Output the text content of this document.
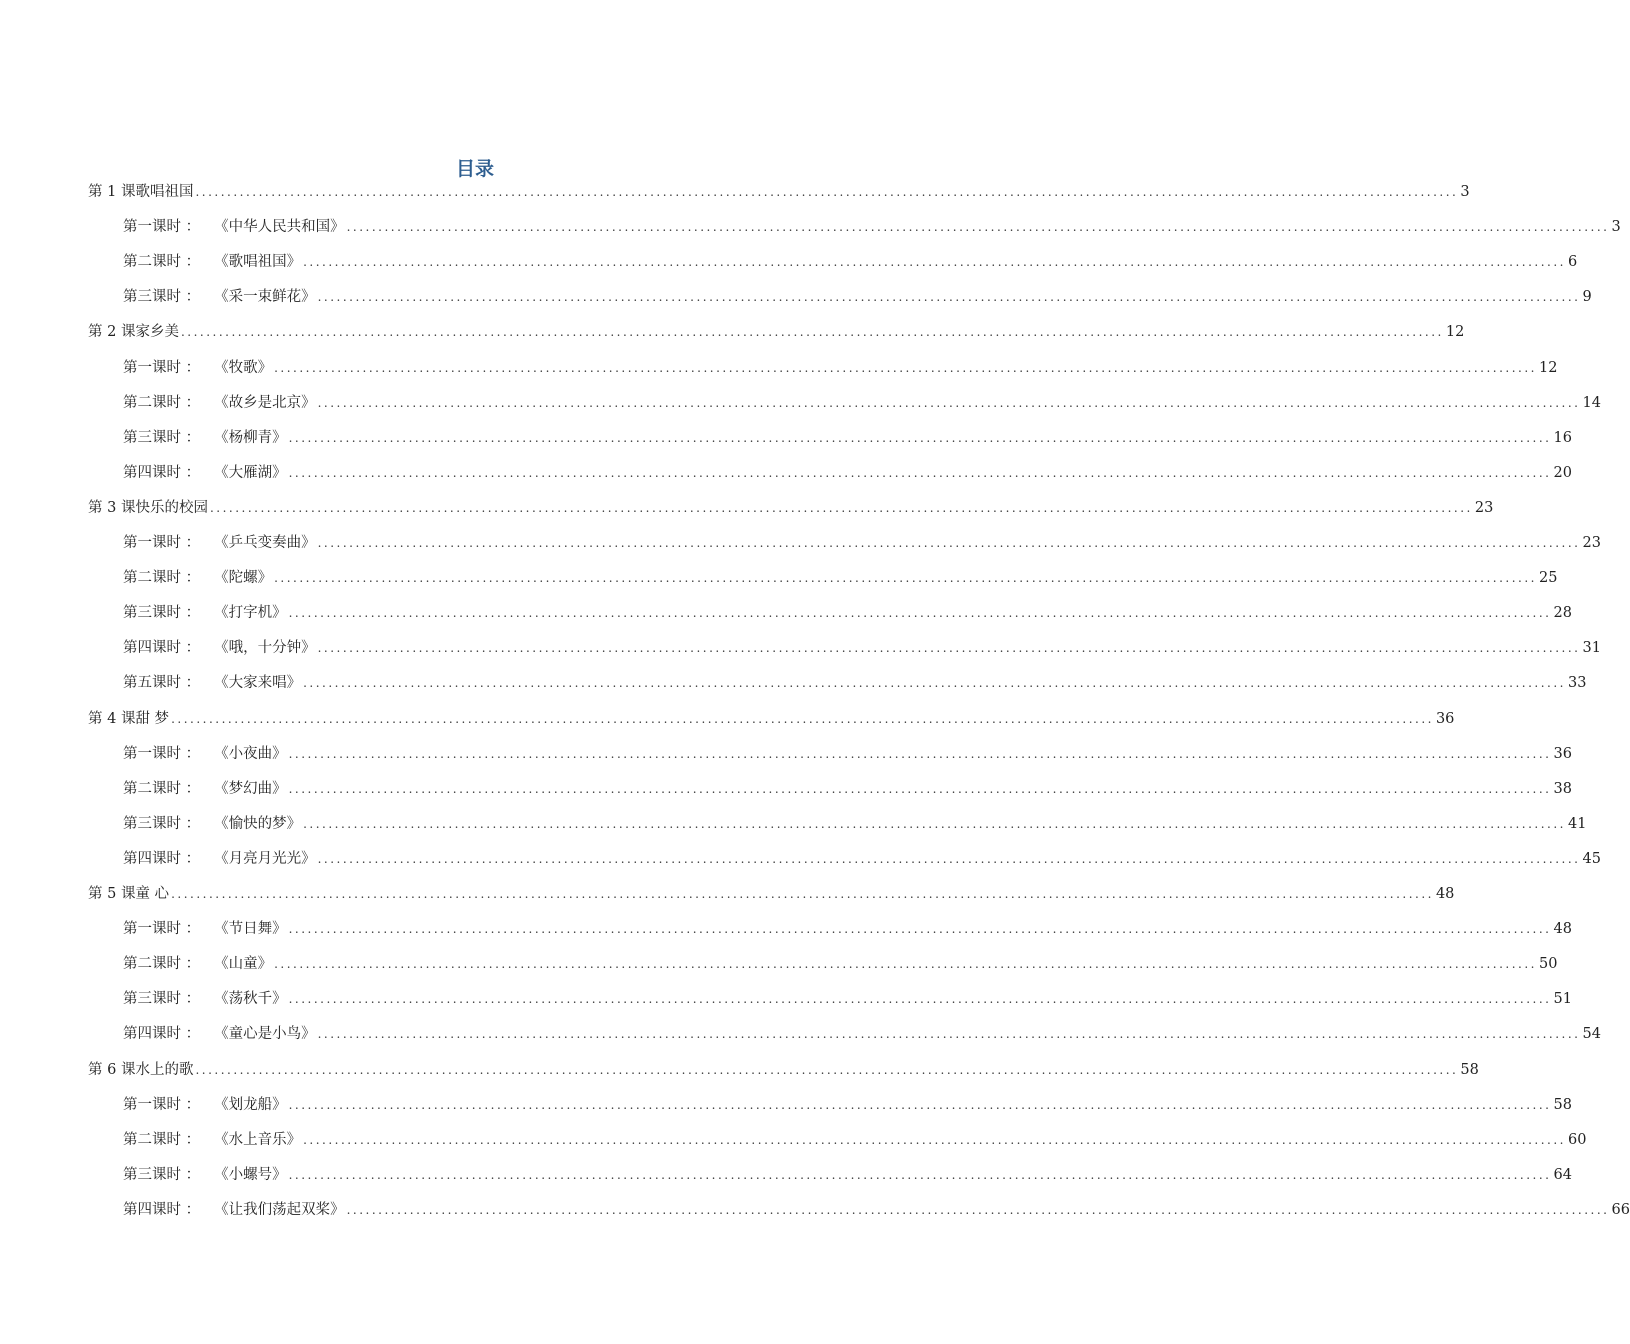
目录
第 1 课 歌唱祖国 ........................................................................................................................................................................................................ 3
第一课时 ： 《中华人民共和国》 ........................................................................................................................................................................................................ 3
第二课时 ： 《歌唱祖国》 ........................................................................................................................................................................................................ 6
第三课时 ： 《采一束鲜花》 ........................................................................................................................................................................................................ 9
第 2 课 家乡美 ........................................................................................................................................................................................................ 12
第一课时 ： 《牧歌》 ........................................................................................................................................................................................................ 12
第二课时 ： 《故乡是北京》 ........................................................................................................................................................................................................ 14
第三课时 ： 《杨柳青》 ........................................................................................................................................................................................................ 16
第四课时 ： 《大雁湖》 ........................................................................................................................................................................................................ 20
第 3 课 快乐的校园 ........................................................................................................................................................................................................ 23
第一课时 ： 《乒乓变奏曲》 ........................................................................................................................................................................................................ 23
第二课时 ： 《陀螺》 ........................................................................................................................................................................................................ 25
第三课时 ： 《打字机》 ........................................................................................................................................................................................................ 28
第四课时 ： 《哦，十分钟》 ........................................................................................................................................................................................................ 31
第五课时 ： 《大家来唱》 ........................................................................................................................................................................................................ 33
第 4 课 甜 梦 ........................................................................................................................................................................................................ 36
第一课时 ： 《小夜曲》 ........................................................................................................................................................................................................ 36
第二课时 ： 《梦幻曲》 ........................................................................................................................................................................................................ 38
第三课时 ： 《愉快的梦》 ........................................................................................................................................................................................................ 41
第四课时 ： 《月亮月光光》 ........................................................................................................................................................................................................ 45
第 5 课 童 心 ........................................................................................................................................................................................................ 48
第一课时 ： 《节日舞》 ........................................................................................................................................................................................................ 48
第二课时 ： 《山童》 ........................................................................................................................................................................................................ 50
第三课时 ： 《荡秋千》 ........................................................................................................................................................................................................ 51
第四课时 ： 《童心是小鸟》 ........................................................................................................................................................................................................ 54
第 6 课 水上的歌 ........................................................................................................................................................................................................ 58
第一课时 ： 《划龙船》 ........................................................................................................................................................................................................ 58
第二课时 ： 《水上音乐》 ........................................................................................................................................................................................................ 60
第三课时 ： 《小螺号》 ........................................................................................................................................................................................................ 64
第四课时 ： 《让我们荡起双桨》 ........................................................................................................................................................................................................ 66
